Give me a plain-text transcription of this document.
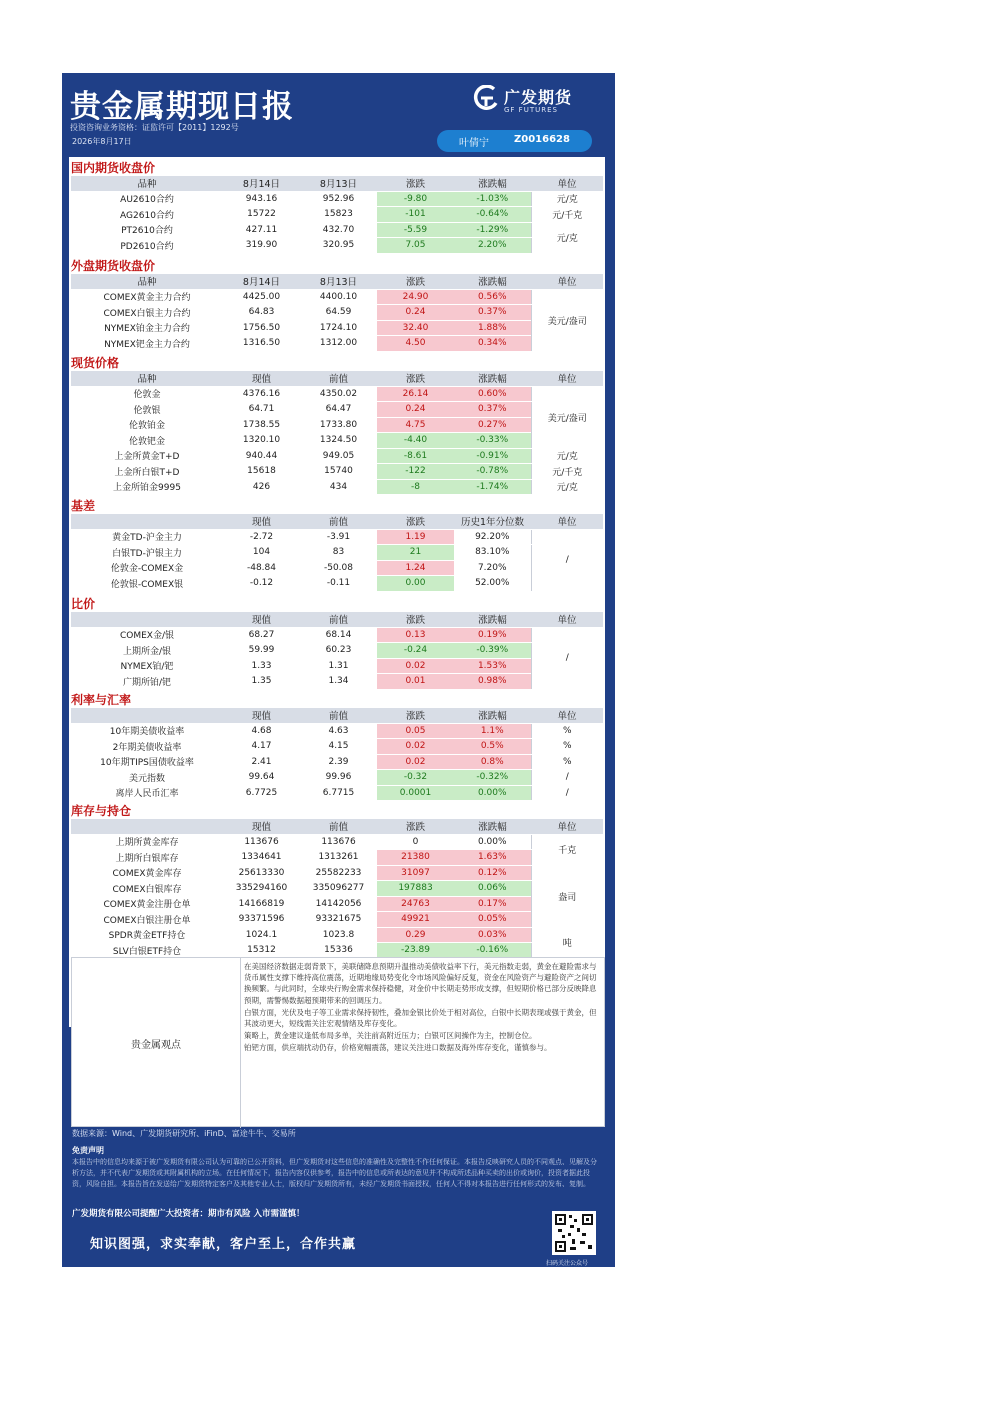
贵金属期现日报	广发期货
GF FUTURES
投资咨询业务资格：证监许可【2011】1292号
2026年8月17日	叶倩宁	Z0016628
国内期货收盘价
品种	8月14日	8月13日	涨跌	涨跌幅	单位
AU2610合约	943.16	952.96	-9.80	-1.03%	元/克
AG2610合约	15722	15823	-101	-0.64%	元/千克
PT2610合约	427.11	432.70	-5.59	-1.29%	元/克
PD2610合约	319.90	320.95	7.05	2.20%	
外盘期货收盘价
品种	8月14日	8月13日	涨跌	涨跌幅	单位
COMEX黄金主力合约	4425.00	4400.10	24.90	0.56%	美元/盎司
COMEX白银主力合约	64.83	64.59	0.24	0.37%	
NYMEX铂金主力合约	1756.50	1724.10	32.40	1.88%	
NYMEX钯金主力合约	1316.50	1312.00	4.50	0.34%	
现货价格
品种	现值	前值	涨跌	涨跌幅	单位
伦敦金	4376.16	4350.02	26.14	0.60%	美元/盎司
伦敦银	64.71	64.47	0.24	0.37%	
伦敦铂金	1738.55	1733.80	4.75	0.27%	
伦敦钯金	1320.10	1324.50	-4.40	-0.33%	
上金所黄金T+D	940.44	949.05	-8.61	-0.91%	元/克
上金所白银T+D	15618	15740	-122	-0.78%	元/千克
上金所铂金9995	426	434	-8	-1.74%	元/克
基差
	现值	前值	涨跌	历史1年分位数	单位
黄金TD-沪金主力	-2.72	-3.91	1.19	92.20%	/
白银TD-沪银主力	104	83	21	83.10%	
伦敦金-COMEX金	-48.84	-50.08	1.24	7.20%	
伦敦银-COMEX银	-0.12	-0.11	0.00	52.00%	
比价
	现值	前值	涨跌	涨跌幅	单位
COMEX金/银	68.27	68.14	0.13	0.19%	/
上期所金/银	59.99	60.23	-0.24	-0.39%	
NYMEX铂/钯	1.33	1.31	0.02	1.53%	
广期所铂/钯	1.35	1.34	0.01	0.98%	
利率与汇率
	现值	前值	涨跌	涨跌幅	单位
10年期美债收益率	4.68	4.63	0.05	1.1%	%
2年期美债收益率	4.17	4.15	0.02	0.5%	%
10年期TIPS国债收益率	2.41	2.39	0.02	0.8%	%
美元指数	99.64	99.96	-0.32	-0.32%	/
离岸人民币汇率	6.7725	6.7715	0.0001	0.00%	/
库存与持仓
	现值	前值	涨跌	涨跌幅	单位
上期所黄金库存	113676	113676	0	0.00%	千克
上期所白银库存	1334641	1313261	21380	1.63%	
COMEX黄金库存	25613330	25582233	31097	0.12%	盎司
COMEX白银库存	335294160	335096277	197883	0.06%	
COMEX黄金注册仓单	14166819	14142056	24763	0.17%	
COMEX白银注册仓单	93371596	93321675	49921	0.05%	
SPDR黄金ETF持仓	1024.1	1023.8	0.29	0.03%	吨
SLV白银ETF持仓	15312	15336	-23.89	-0.16%	
贵金属观点

在美国经济数据走弱背景下，美联储降息预期升温推动美债收益率下行，美元指数走弱，黄金在避险需求与货币属性支撑下维持高位震荡，近期地缘局势变化令市场风险偏好反复，资金在风险资产与避险资产之间切换频繁。与此同时，全球央行购金需求保持稳健，对金价中长期走势形成支撑，但短期价格已部分反映降息预期，需警惕数据超预期带来的回调压力。

白银方面，光伏及电子等工业需求保持韧性，叠加金银比价处于相对高位，白银中长期表现或强于黄金，但其波动更大，短线需关注宏观情绪及库存变化。

策略上，黄金建议逢低布局多单，关注前高附近压力；白银可区间操作为主，控制仓位。

铂钯方面，供应端扰动仍存，价格宽幅震荡，建议关注进口数据及海外库存变化，谨慎参与。

数据来源：Wind、广发期货研究所、iFinD、富途牛牛、交易所
免责声明
本报告中的信息均来源于被广发期货有限公司认为可靠的已公开资料，但广发期货对这些信息的准确性及完整性不作任何保证。本报告反映研究人员的不同观点、见解及分析方法，并不代表广发期货或其附属机构的立场。在任何情况下，报告内容仅供参考，报告中的信息或所表达的意见并不构成所述品种买卖的出价或询价，投资者据此投资，风险自担。本报告旨在发送给广发期货特定客户及其他专业人士，版权归广发期货所有，未经广发期货书面授权，任何人不得对本报告进行任何形式的发布、复制。
广发期货有限公司提醒广大投资者：期市有风险 入市需谨慎！
知识图强，求实奉献，客户至上，合作共赢
扫码关注公众号
